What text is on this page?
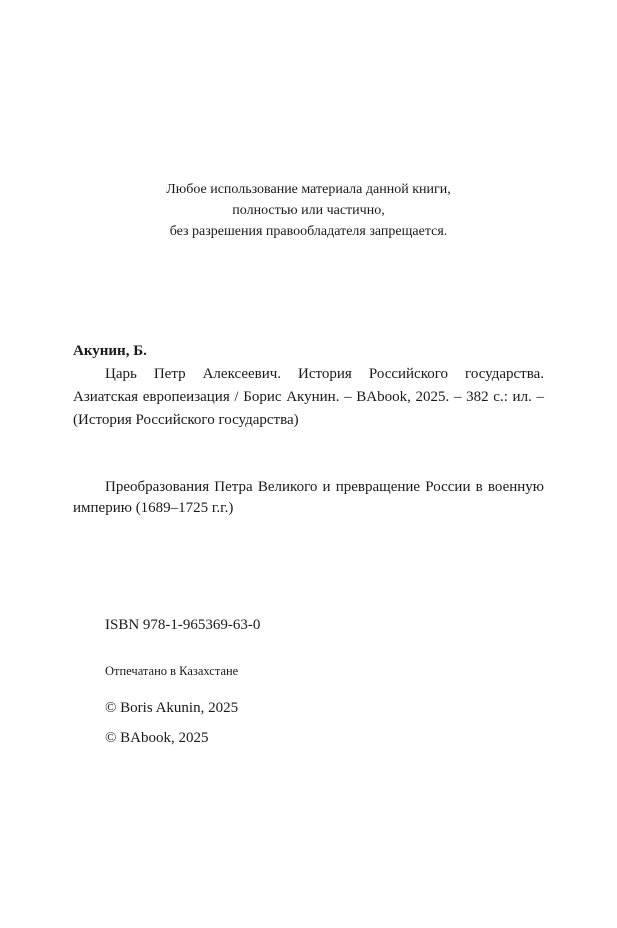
Любое использование материала данной книги,
полностью или частично,
без разрешения правообладателя запрещается.
Акунин, Б.
Царь Петр Алексеевич. История Российского государства. Азиатская европеизация / Борис Акунин. – BAbook, 2025. – 382 с.: ил. – (История Российского государства)
Преобразования Петра Великого и превращение России в военную империю (1689–1725 г.г.)
ISBN 978-1-965369-63-0
Отпечатано в Казахстане
© Boris Akunin, 2025
© BAbook, 2025
